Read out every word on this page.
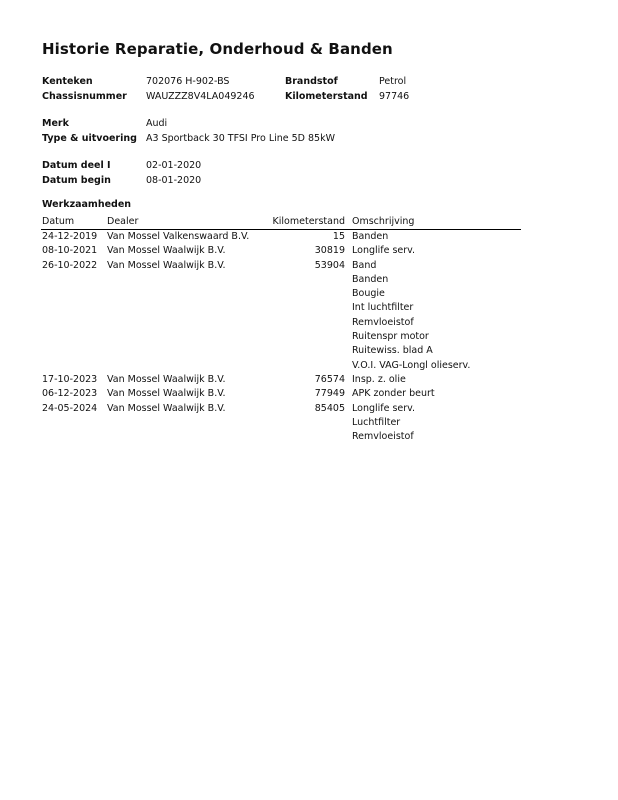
Historie Reparatie, Onderhoud & Banden
Kenteken	702076 H-902-BS	Brandstof	Petrol
Chassisnummer WAUZZZ8V4LA049246	Kilometerstand 97746
Merk	Audi
Type & uitvoering A3 Sportback 30 TFSI Pro Line 5D 85kW
Datum deel I	02-01-2020
Datum begin	08-01-2020
Werkzaamheden
Datum	Dealer	Kilometerstand Omschrijving
24-12-2019 Van Mossel Valkenswaard B.V.	15 Banden
08-10-2021 Van Mossel Waalwijk B.V.	30819 Longlife serv.
26-10-2022 Van Mossel Waalwijk B.V.	53904 Band
Banden
Bougie
Int luchtfilter
Remvloeistof
Ruitenspr motor
Ruitewiss. blad A
V.O.I. VAG-Longl olieserv.
17-10-2023 Van Mossel Waalwijk B.V.	76574 Insp. z. olie
06-12-2023 Van Mossel Waalwijk B.V.	77949 APK zonder beurt
24-05-2024 Van Mossel Waalwijk B.V.	85405 Longlife serv.
Luchtfilter
Remvloeistof
